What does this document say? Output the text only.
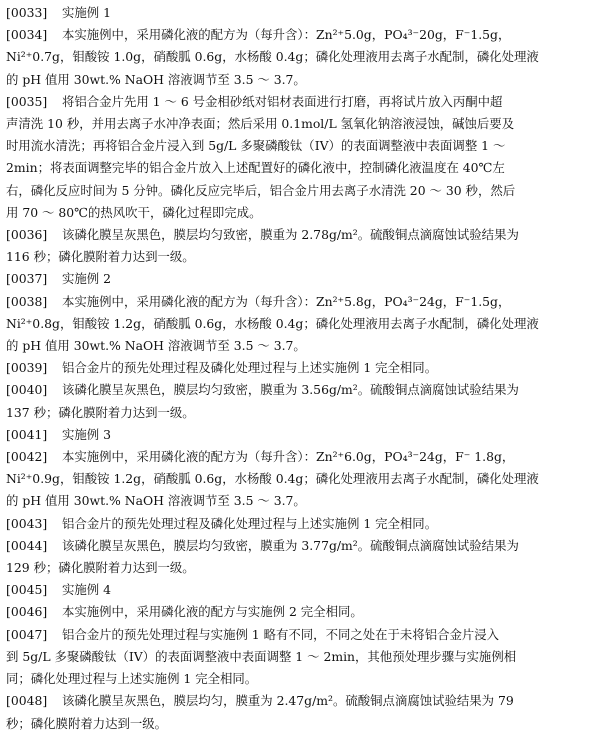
[0033] 实施例 1
[0034] 本实施例中，采用磷化液的配方为（每升含）：Zn²⁺5.0g，PO₄³⁻20g，F⁻1.5g，
Ni²⁺0.7g，钼酸铵 1.0g，硝酸胍 0.6g，水杨酸 0.4g；磷化处理液用去离子水配制，磷化处理液
的 pH 值用 30wt.% NaOH 溶液调节至 3.5 ～ 3.7。
[0035] 将铝合金片先用 1 ～ 6 号金相砂纸对铝材表面进行打磨，再将试片放入丙酮中超
声清洗 10 秒，并用去离子水冲净表面；然后采用 0.1mol/L 氢氧化钠溶液浸蚀，碱蚀后要及
时用流水清洗；再将铝合金片浸入到 5g/L 多聚磷酸钛（IV）的表面调整液中表面调整 1 ～
2min；将表面调整完毕的铝合金片放入上述配置好的磷化液中，控制磷化液温度在 40℃左
右，磷化反应时间为 5 分钟。磷化反应完毕后，铝合金片用去离子水清洗 20 ～ 30 秒，然后
用 70 ～ 80℃的热风吹干，磷化过程即完成。
[0036] 该磷化膜呈灰黑色，膜层均匀致密，膜重为 2.78g/m²。硫酸铜点滴腐蚀试验结果为
116 秒；磷化膜附着力达到一级。
[0037] 实施例 2
[0038] 本实施例中，采用磷化液的配方为（每升含）：Zn²⁺5.8g，PO₄³⁻24g，F⁻1.5g，
Ni²⁺0.8g，钼酸铵 1.2g，硝酸胍 0.6g，水杨酸 0.4g；磷化处理液用去离子水配制，磷化处理液
的 pH 值用 30wt.% NaOH 溶液调节至 3.5 ～ 3.7。
[0039] 铝合金片的预先处理过程及磷化处理过程与上述实施例 1 完全相同。
[0040] 该磷化膜呈灰黑色，膜层均匀致密，膜重为 3.56g/m²。硫酸铜点滴腐蚀试验结果为
137 秒；磷化膜附着力达到一级。
[0041] 实施例 3
[0042] 本实施例中，采用磷化液的配方为（每升含）：Zn²⁺6.0g，PO₄³⁻24g，F⁻ 1.8g，
Ni²⁺0.9g，钼酸铵 1.2g，硝酸胍 0.6g，水杨酸 0.4g；磷化处理液用去离子水配制，磷化处理液
的 pH 值用 30wt.% NaOH 溶液调节至 3.5 ～ 3.7。
[0043] 铝合金片的预先处理过程及磷化处理过程与上述实施例 1 完全相同。
[0044] 该磷化膜呈灰黑色，膜层均匀致密，膜重为 3.77g/m²。硫酸铜点滴腐蚀试验结果为
129 秒；磷化膜附着力达到一级。
[0045] 实施例 4
[0046] 本实施例中，采用磷化液的配方与实施例 2 完全相同。
[0047] 铝合金片的预先处理过程与实施例 1 略有不同，不同之处在于未将铝合金片浸入
到 5g/L 多聚磷酸钛（IV）的表面调整液中表面调整 1 ～ 2min，其他预处理步骤与实施例相
同；磷化处理过程与上述实施例 1 完全相同。
[0048] 该磷化膜呈灰黑色，膜层均匀，膜重为 2.47g/m²。硫酸铜点滴腐蚀试验结果为 79
秒；磷化膜附着力达到一级。
